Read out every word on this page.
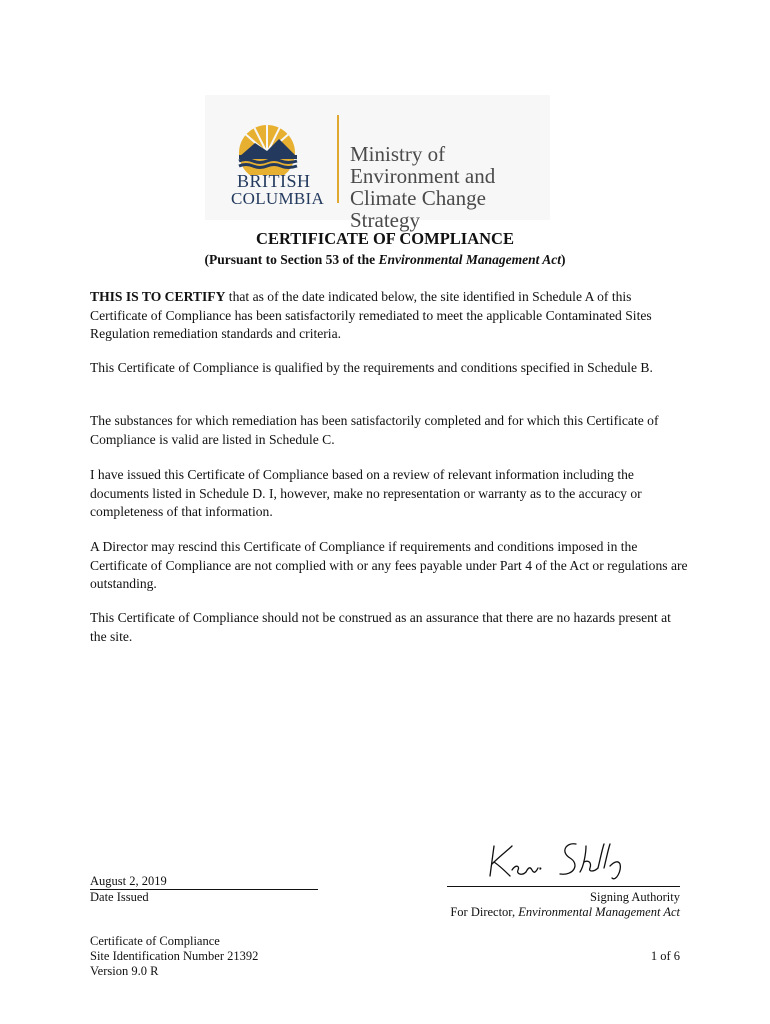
BRITISH
COLUMBIA
Ministry of
Environment and
Climate Change Strategy
CERTIFICATE OF COMPLIANCE
(Pursuant to Section 53 of the Environmental Management Act)
THIS IS TO CERTIFY that as of the date indicated below, the site identified in Schedule A of this Certificate of Compliance has been satisfactorily remediated to meet the applicable Contaminated Sites Regulation remediation standards and criteria.
This Certificate of Compliance is qualified by the requirements and conditions specified in Schedule B.
The substances for which remediation has been satisfactorily completed and for which this Certificate of Compliance is valid are listed in Schedule C.
I have issued this Certificate of Compliance based on a review of relevant information including the documents listed in Schedule D. I, however, make no representation or warranty as to the accuracy or completeness of that information.
A Director may rescind this Certificate of Compliance if requirements and conditions imposed in the Certificate of Compliance are not complied with or any fees payable under Part 4 of the Act or regulations are outstanding.
This Certificate of Compliance should not be construed as an assurance that there are no hazards present at the site.
August 2, 2019
Date Issued	Signing Authority
For Director, Environmental Management Act
Certificate of Compliance
Site Identification Number 21392
Version 9.0 R
1 of 6
